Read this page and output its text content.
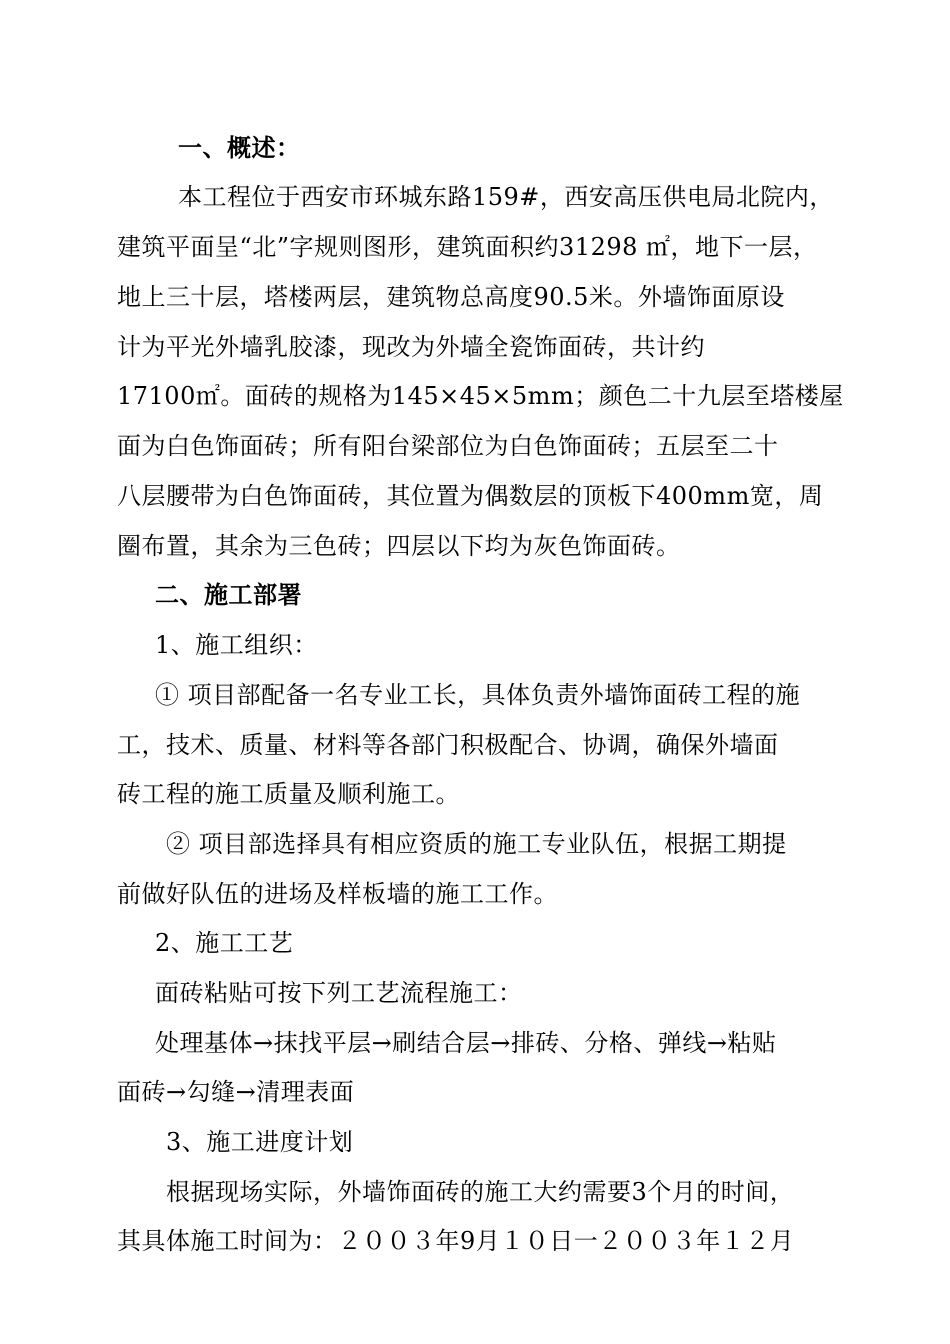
一、概述：
本工程位于西安市环城东路159#，西安高压供电局北院内，
建筑平面呈“北”字规则图形，建筑面积约31298 ㎡，地下一层，
地上三十层，塔楼两层，建筑物总高度90.5米。外墙饰面原设
计为平光外墙乳胶漆，现改为外墙全瓷饰面砖，共计约
17100㎡。面砖的规格为145×45×5mm；颜色二十九层至塔楼屋
面为白色饰面砖；所有阳台梁部位为白色饰面砖；五层至二十
八层腰带为白色饰面砖，其位置为偶数层的顶板下400mm宽，周
圈布置，其余为三色砖；四层以下均为灰色饰面砖。
二、施工部署
1、施工组织：
① 项目部配备一名专业工长，具体负责外墙饰面砖工程的施
工，技术、质量、材料等各部门积极配合、协调，确保外墙面
砖工程的施工质量及顺利施工。
② 项目部选择具有相应资质的施工专业队伍，根据工期提
前做好队伍的进场及样板墙的施工工作。
2、施工工艺
面砖粘贴可按下列工艺流程施工：
处理基体→抹找平层→刷结合层→排砖、分格、弹线→粘贴
面砖→勾缝→清理表面
3、施工进度计划
根据现场实际，外墙饰面砖的施工大约需要3个月的时间，
其具体施工时间为：２００３年9月１０日一２００３年１２月
